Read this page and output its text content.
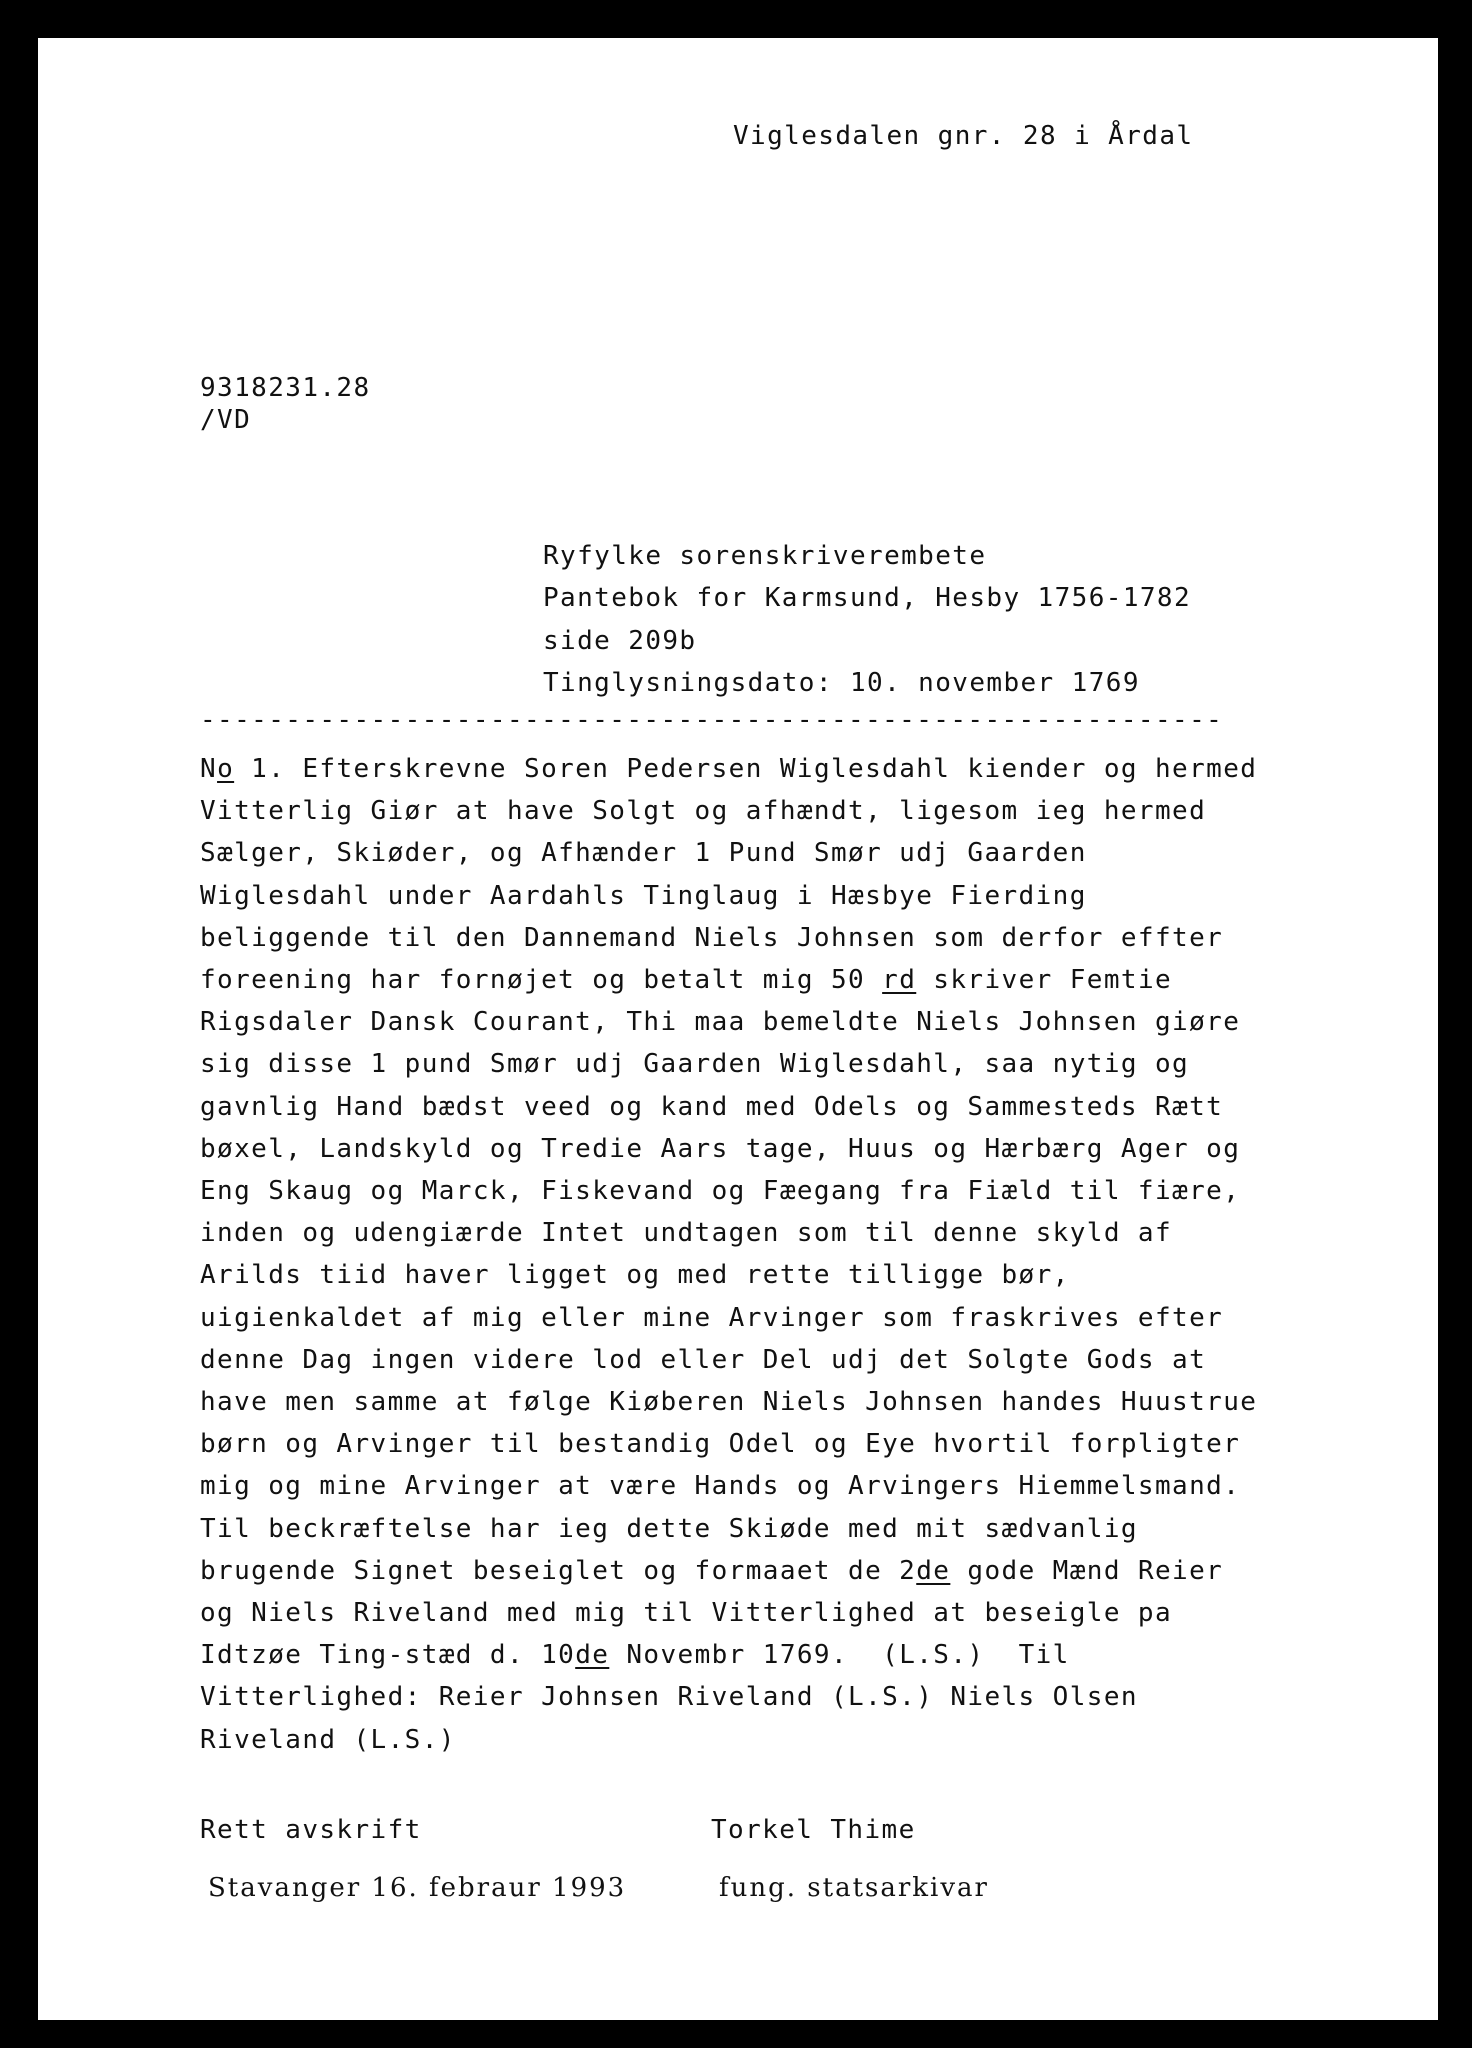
Viglesdalen gnr. 28 i Årdal
9318231.28
/VD
Ryfylke sorenskriverembete
Pantebok for Karmsund, Hesby 1756-1782
side 209b
Tinglysningsdato: 10. november 1769
------------------------------------------------------------
No 1. Efterskrevne Soren Pedersen Wiglesdahl kiender og hermed
Vitterlig Giør at have Solgt og afhændt, ligesom ieg hermed
Sælger, Skiøder, og Afhænder 1 Pund Smør udj Gaarden
Wiglesdahl under Aardahls Tinglaug i Hæsbye Fierding
beliggende til den Dannemand Niels Johnsen som derfor effter
foreening har fornøjet og betalt mig 50 rd skriver Femtie
Rigsdaler Dansk Courant, Thi maa bemeldte Niels Johnsen giøre
sig disse 1 pund Smør udj Gaarden Wiglesdahl, saa nytig og
gavnlig Hand bædst veed og kand med Odels og Sammesteds Rætt
bøxel, Landskyld og Tredie Aars tage, Huus og Hærbærg Ager og
Eng Skaug og Marck, Fiskevand og Fæegang fra Fiæld til fiære,
inden og udengiærde Intet undtagen som til denne skyld af
Arilds tiid haver ligget og med rette tilligge bør,
uigienkaldet af mig eller mine Arvinger som fraskrives efter
denne Dag ingen videre lod eller Del udj det Solgte Gods at
have men samme at følge Kiøberen Niels Johnsen handes Huustrue
børn og Arvinger til bestandig Odel og Eye hvortil forpligter
mig og mine Arvinger at være Hands og Arvingers Hiemmelsmand.
Til beckræftelse har ieg dette Skiøde med mit sædvanlig
brugende Signet beseiglet og formaaet de 2de gode Mænd Reier
og Niels Riveland med mig til Vitterlighed at beseigle pa
Idtzøe Ting-stæd d. 10de Novembr 1769.  (L.S.)  Til
Vitterlighed: Reier Johnsen Riveland (L.S.) Niels Olsen
Riveland (L.S.)
Rett avskrift	Torkel Thime
Stavanger 16. febraur 1993	fung. statsarkivar
